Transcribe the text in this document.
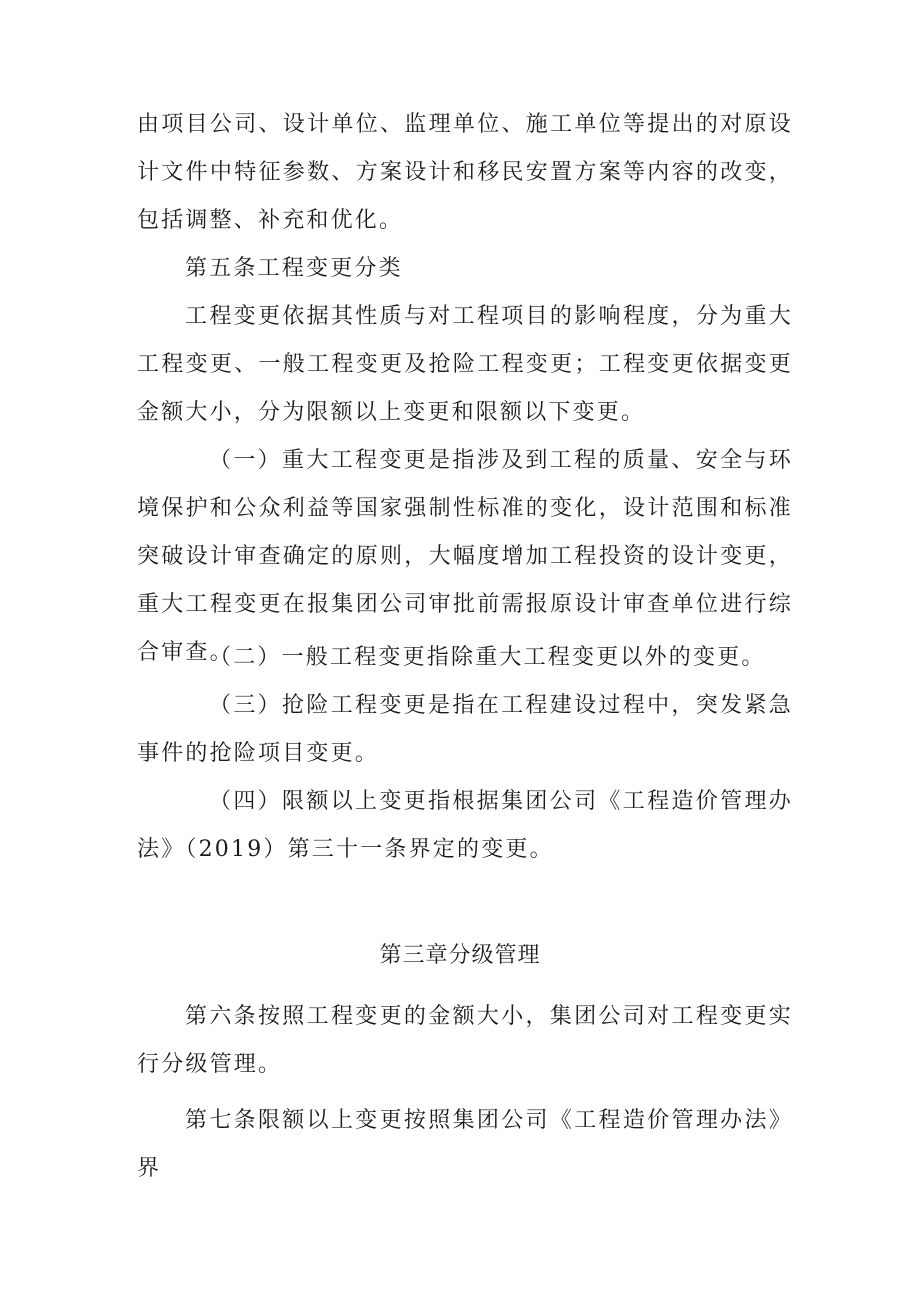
由项目公司、设计单位、监理单位、施工单位等提出的对原设计文件中特征参数、方案设计和移民安置方案等内容的改变，包括调整、补充和优化。

第五条工程变更分类

工程变更依据其性质与对工程项目的影响程度，分为重大工程变更、一般工程变更及抢险工程变更；工程变更依据变更金额大小，分为限额以上变更和限额以下变更。

（一）重大工程变更是指涉及到工程的质量、安全与环境保护和公众利益等国家强制性标准的变化，设计范围和标准突破设计审查确定的原则，大幅度增加工程投资的设计变更，重大工程变更在报集团公司审批前需报原设计审查单位进行综合审查。

（二）一般工程变更指除重大工程变更以外的变更。

（三）抢险工程变更是指在工程建设过程中，突发紧急事件的抢险项目变更。

（四）限额以上变更指根据集团公司《工程造价管理办法》（2019）第三十一条界定的变更。

第三章分级管理

第六条按照工程变更的金额大小，集团公司对工程变更实行分级管理。

第七条限额以上变更按照集团公司《工程造价管理办法》界
